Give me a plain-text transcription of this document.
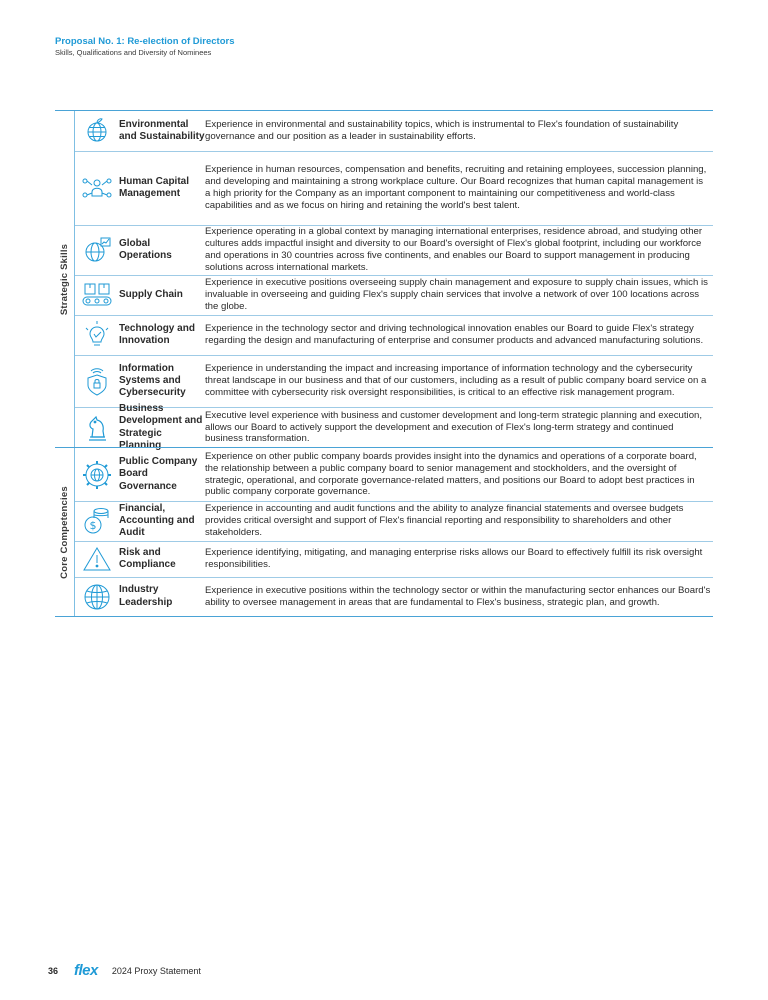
Proposal No. 1: Re-election of Directors
Skills, Qualifications and Diversity of Nominees
Strategic Skills
Environmental and Sustainability
Experience in environmental and sustainability topics, which is instrumental to Flex's foundation of sustainability governance and our position as a leader in sustainability efforts.
Human Capital Management
Experience in human resources, compensation and benefits, recruiting and retaining employees, succession planning, and developing and maintaining a strong workplace culture. Our Board recognizes that human capital management is a high priority for the Company as an important component to maintaining our competitiveness and world-class capabilities and as we focus on hiring and retaining the world's best talent.
Global Operations
Experience operating in a global context by managing international enterprises, residence abroad, and studying other cultures adds impactful insight and diversity to our Board's oversight of Flex's global footprint, including our workforce and operations in 30 countries across five continents, and enables our Board to support management in producing solutions across international markets.
Supply Chain
Experience in executive positions overseeing supply chain management and exposure to supply chain issues, which is invaluable in overseeing and guiding Flex's supply chain services that involve a network of over 100 locations across the globe.
Technology and Innovation
Experience in the technology sector and driving technological innovation enables our Board to guide Flex's strategy regarding the design and manufacturing of enterprise and consumer products and advanced manufacturing solutions.
Information Systems and Cybersecurity
Experience in understanding the impact and increasing importance of information technology and the cybersecurity threat landscape in our business and that of our customers, including as a result of public company board service on a committee with cybersecurity risk oversight responsibilities, is critical to an effective risk management program.
Business Development and Strategic Planning
Executive level experience with business and customer development and long-term strategic planning and execution, allows our Board to actively support the development and execution of Flex's long-term strategy and continued business transformation.
Core Competencies
Public Company Board Governance
Experience on other public company boards provides insight into the dynamics and operations of a corporate board, the relationship between a public company board to senior management and stockholders, and the oversight of strategic, operational, and corporate governance-related matters, and positions our Board to adopt best practices in public company corporate governance.
$
Financial, Accounting and Audit
Experience in accounting and audit functions and the ability to analyze financial statements and oversee budgets provides critical oversight and support of Flex's financial reporting and responsibility to shareholders and other stakeholders.
Risk and Compliance
Experience identifying, mitigating, and managing enterprise risks allows our Board to effectively fulfill its risk oversight responsibilities.
Industry Leadership
Experience in executive positions within the technology sector or within the manufacturing sector enhances our Board's ability to oversee management in areas that are fundamental to Flex's business, strategic plan, and growth.
36 flex 2024 Proxy Statement
